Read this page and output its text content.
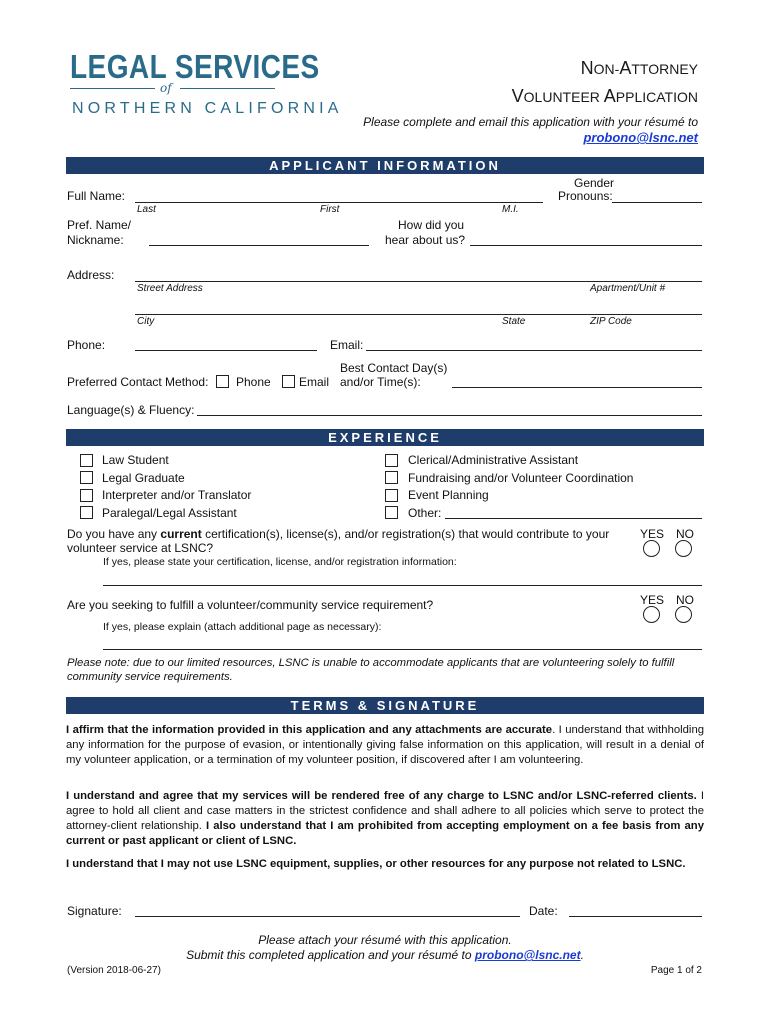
LEGAL SERVICES
of
NORTHERN CALIFORNIA
NON-ATTORNEY
VOLUNTEER APPLICATION
Please complete and email this application with your résumé to
probono@lsnc.net
APPLICANT INFORMATION
Full Name:
Last	First	M.I.
Gender
Pronouns:
Pref. Name/
Nickname:
How did you
hear about us?
Address:
Street Address	Apartment/Unit #
City	State	ZIP Code
Phone:	Email:
Preferred Contact Method: Phone Email
Best Contact Day(s)
and/or Time(s):
Language(s) & Fluency:
EXPERIENCE
Law Student
Legal Graduate
Interpreter and/or Translator
Paralegal/Legal Assistant
Clerical/Administrative Assistant
Fundraising and/or Volunteer Coordination
Event Planning
Other:
Do you have any current certification(s), license(s), and/or registration(s) that would contribute to your
volunteer service at LSNC?
YES NO
If yes, please state your certification, license, and/or registration information:
Are you seeking to fulfill a volunteer/community service requirement?	YES NO
If yes, please explain (attach additional page as necessary):
Please note: due to our limited resources, LSNC is unable to accommodate applicants that are volunteering solely to fulfill community service requirements.
TERMS & SIGNATURE
I affirm that the information provided in this application and any attachments are accurate. I understand that withholding any information for the purpose of evasion, or intentionally giving false information on this application, will result in a denial of my volunteer application, or a termination of my volunteer position, if discovered after I am volunteering.
I understand and agree that my services will be rendered free of any charge to LSNC and/or LSNC-referred clients. I agree to hold all client and case matters in the strictest confidence and shall adhere to all policies which serve to protect the attorney-client relationship. I also understand that I am prohibited from accepting employment on a fee basis from any current or past applicant or client of LSNC.
I understand that I may not use LSNC equipment, supplies, or other resources for any purpose not related to LSNC.
Signature:	Date:
Please attach your résumé with this application.
Submit this completed application and your résumé to probono@lsnc.net.
(Version 2018-06-27)	Page 1 of 2
